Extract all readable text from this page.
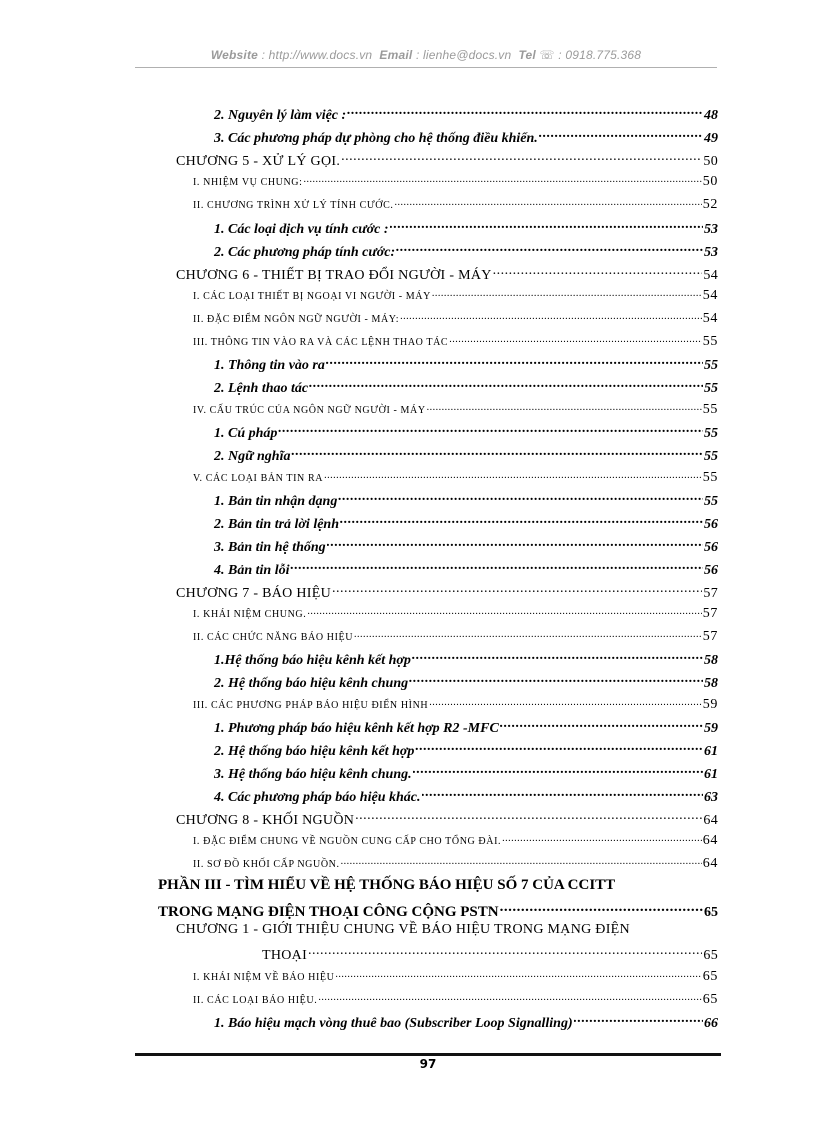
Website : http://www.docs.vn Email : lienhe@docs.vn Tel ☏ : 0918.775.368
2. Nguyên lý làm việc : .....	48
3. Các phương pháp dự phòng cho hệ thống điều khiển. .....	49
CHƯƠNG 5 - XỬ LÝ GỌI. .....	50
I. NHIỆM VỤ CHUNG: .....	50
II. CHƯƠNG TRÌNH XỬ LÝ TÍNH CƯỚC. .....	52
1. Các loại dịch vụ tính cước : .....	53
2. Các phương pháp tính cước: .....	53
CHƯƠNG 6 - THIẾT BỊ TRAO ĐỔI NGƯỜI - MÁY .....	54
I. CÁC LOẠI THIẾT BỊ NGOẠI VI NGƯỜI - MÁY .....	54
II. ĐẶC ĐIỂM NGÔN NGỮ NGƯỜI - MÁY: .....	54
III. THÔNG TIN VÀO RA VÀ CÁC LỆNH THAO TÁC .....	55
1. Thông tin vào ra .....	55
2. Lệnh thao tác .....	55
IV. CẤU TRÚC CỦA NGÔN NGỮ NGƯỜI - MÁY .....	55
1. Cú pháp .....	55
2. Ngữ nghĩa .....	55
V. CÁC LOẠI BẢN TIN RA .....	55
1. Bản tin nhận dạng .....	55
2. Bản tin trả lời lệnh .....	56
3. Bản tin hệ thống .....	56
4. Bản tin lỗi .....	56
CHƯƠNG 7 - BÁO HIỆU .....	57
I. KHÁI NIỆM CHUNG. .....	57
II. CÁC CHỨC NĂNG BÁO HIỆU .....	57
1.Hệ thống báo hiệu kênh kết hợp .....	58
2. Hệ thống báo hiệu kênh chung .....	58
III. CÁC PHƯƠNG PHÁP BÁO HIỆU ĐIỂN HÌNH .....	59
1. Phương pháp báo hiệu kênh kết hợp R2 -MFC .....	59
2. Hệ thống báo hiệu kênh kết hợp .....	61
3. Hệ thống báo hiệu kênh chung. .....	61
4. Các phương pháp báo hiệu khác. .....	63
CHƯƠNG 8 - KHỐI NGUỒN .....	64
I. ĐẶC ĐIỂM CHUNG VỀ NGUỒN CUNG CẤP CHO TỔNG ĐÀI. .....	64
II. SƠ ĐỒ KHỐI CẤP NGUỒN. .....	64
PHẦN III - TÌM HIỂU VỀ HỆ THỐNG BÁO HIỆU SỐ 7 CỦA CCITT
TRONG MẠNG ĐIỆN THOẠI CÔNG CỘNG PSTN .....	65
CHƯƠNG 1 - GIỚI THIỆU CHUNG VỀ BÁO HIỆU TRONG MẠNG ĐIỆN
THOẠI .....	65
I. KHÁI NIỆM VỀ BÁO HIỆU .....	65
II. CÁC LOẠI BÁO HIỆU. .....	65
1. Báo hiệu mạch vòng thuê bao (Subscriber Loop Signalling) .....	66
97
